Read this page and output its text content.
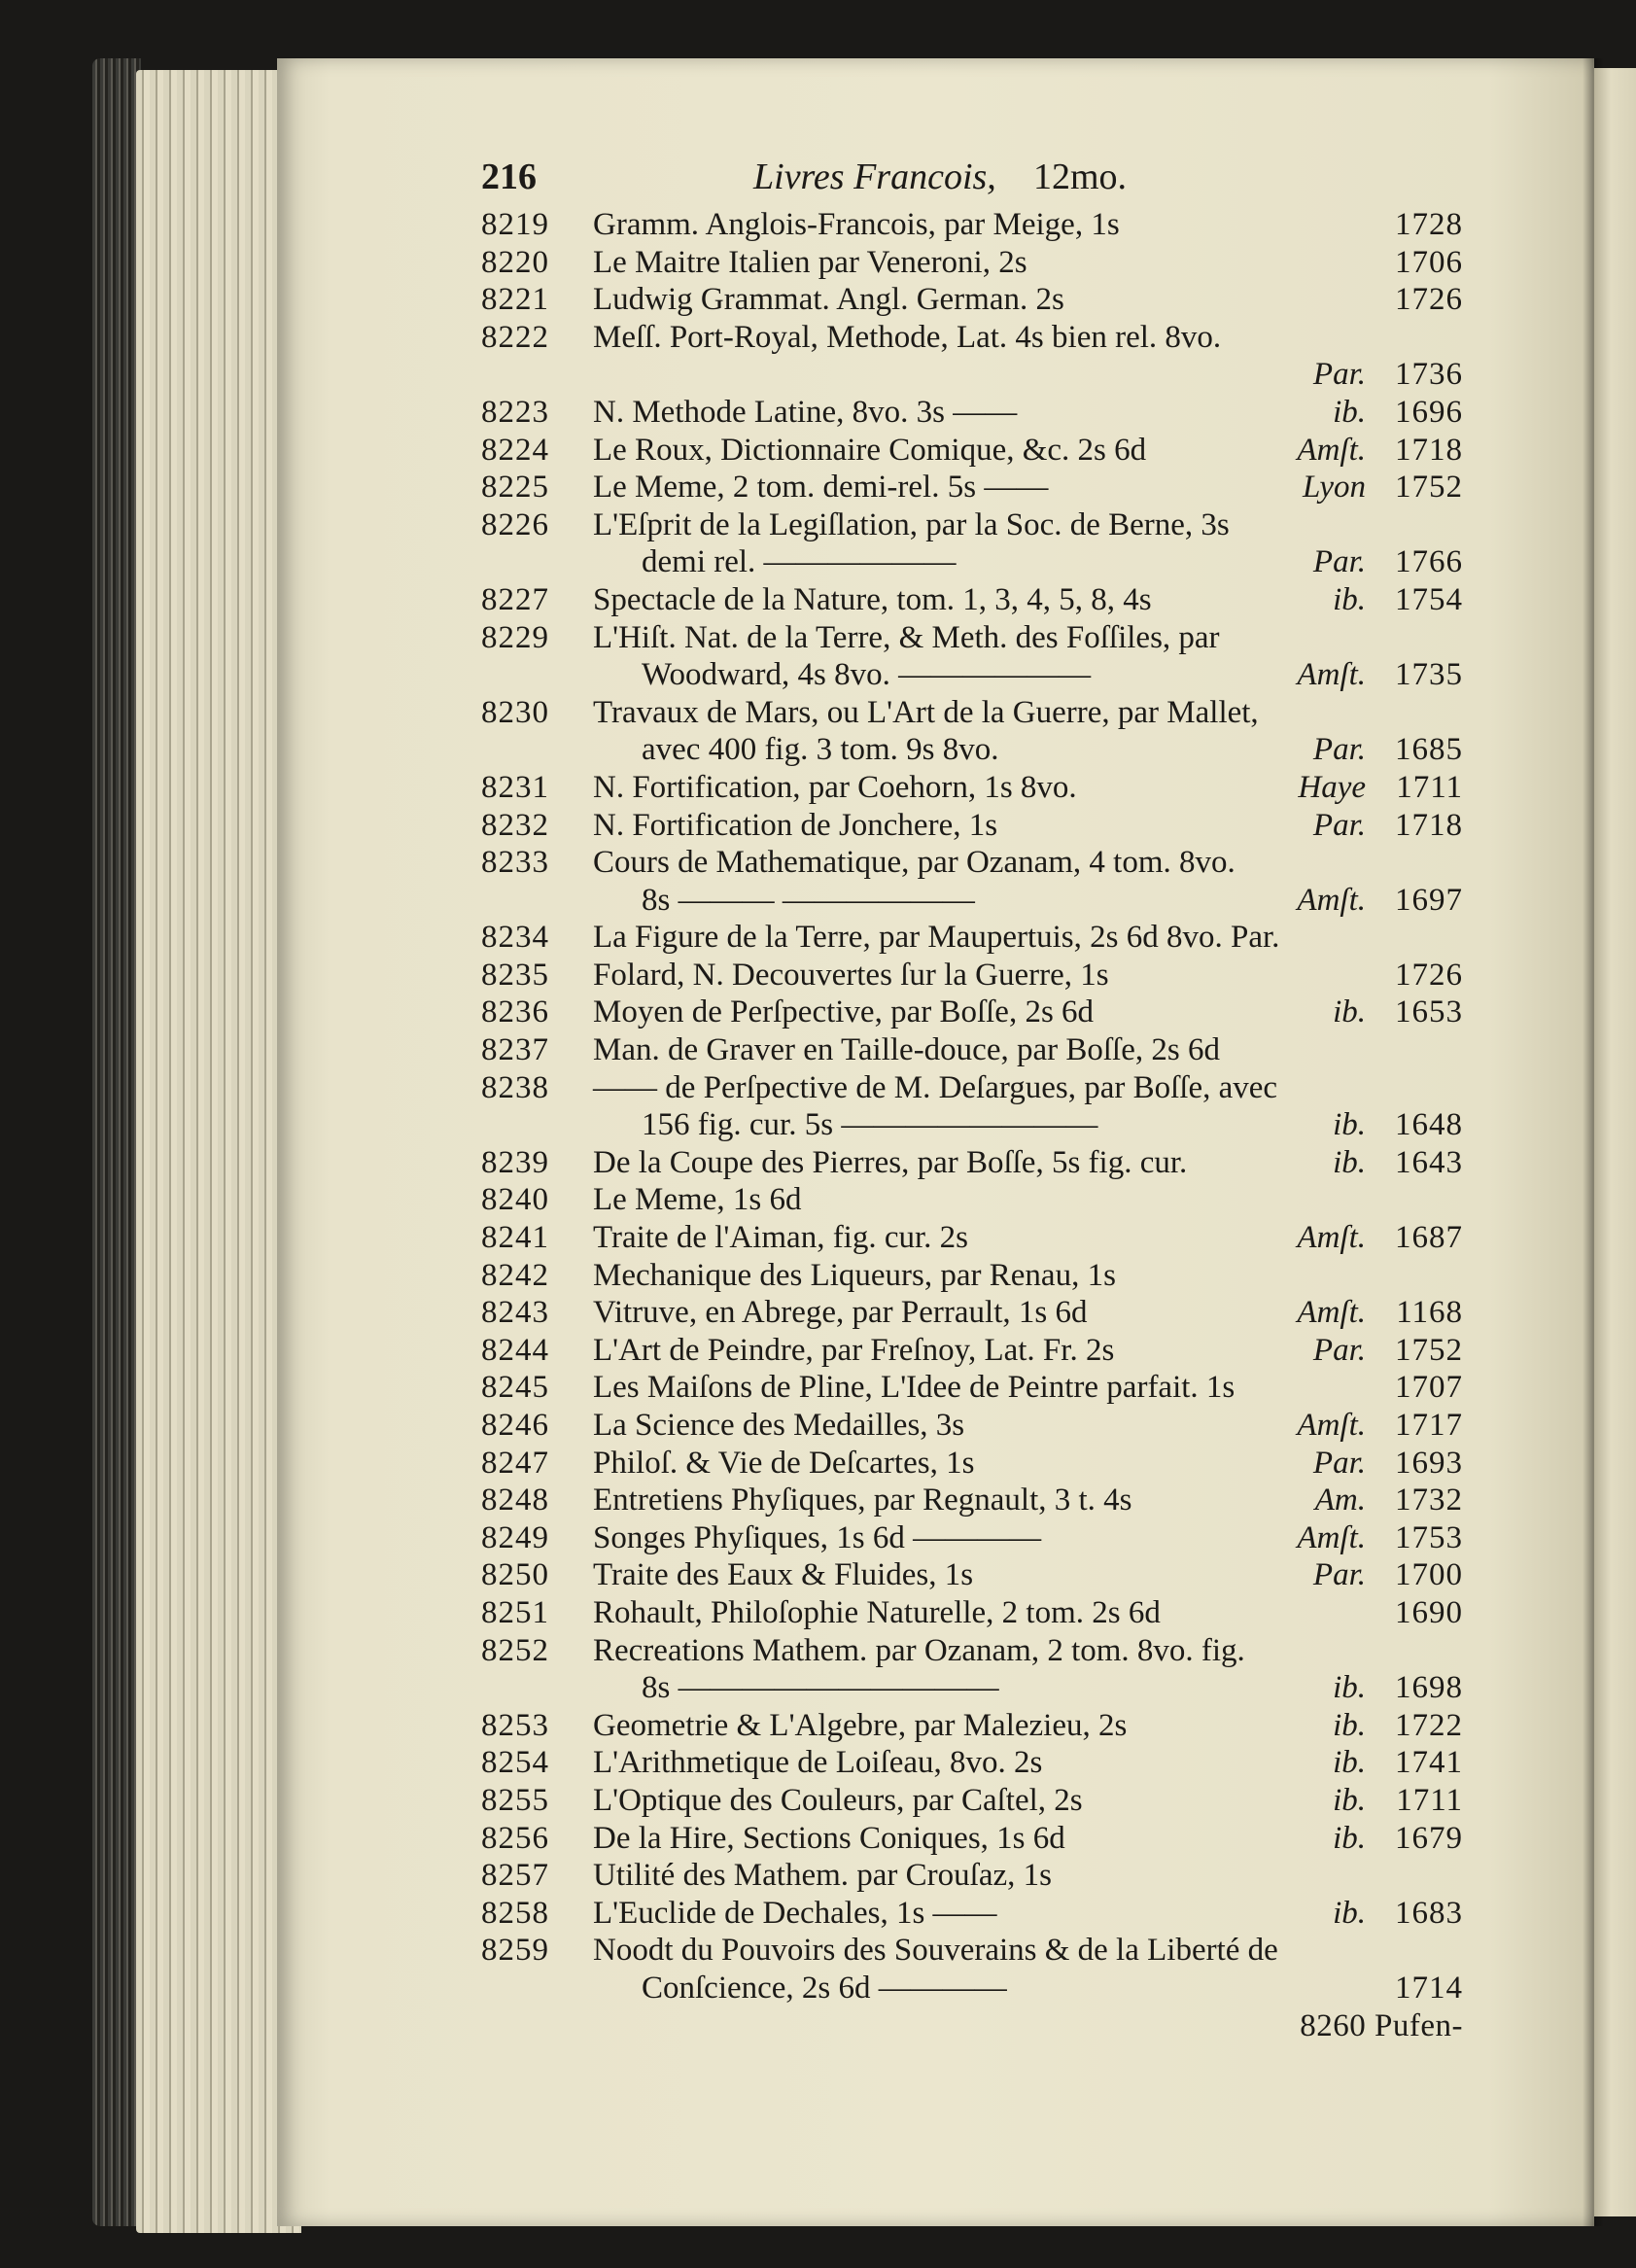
216	Livres Francois, 12mo.
8219 Gramm. Anglois-Francois, par Meige, 1s	1728
8220 Le Maitre Italien par Veneroni, 2s	1706
8221 Ludwig Grammat. Angl. German. 2s	1726
8222 Meſſ. Port-Royal, Methode, Lat. 4s bien rel. 8vo.
Par. 1736
8223 N. Methode Latine, 8vo. 3s ——	ib. 1696
8224 Le Roux, Dictionnaire Comique, &c. 2s 6d	Amſt. 1718
8225 Le Meme, 2 tom. demi-rel. 5s ——	Lyon 1752
8226 L'Eſprit de la Legiſlation, par la Soc. de Berne, 3s
demi rel. ——————	Par. 1766
8227 Spectacle de la Nature, tom. 1, 3, 4, 5, 8, 4s	ib. 1754
8229 L'Hiſt. Nat. de la Terre, & Meth. des Foſſiles, par
Woodward, 4s 8vo. ——————	Amſt. 1735
8230 Travaux de Mars, ou L'Art de la Guerre, par Mallet,
avec 400 fig. 3 tom. 9s 8vo.	Par. 1685
8231 N. Fortification, par Coehorn, 1s 8vo.	Haye 1711
8232 N. Fortification de Jonchere, 1s	Par. 1718
8233 Cours de Mathematique, par Ozanam, 4 tom. 8vo.
8s ——— ——————	Amſt. 1697
8234 La Figure de la Terre, par Maupertuis, 2s 6d 8vo. Par.
8235 Folard, N. Decouvertes ſur la Guerre, 1s	1726
8236 Moyen de Perſpective, par Boſſe, 2s 6d	ib. 1653
8237 Man. de Graver en Taille-douce, par Boſſe, 2s 6d
8238 —— de Perſpective de M. Deſargues, par Boſſe, avec
156 fig. cur. 5s ————————	ib. 1648
8239 De la Coupe des Pierres, par Boſſe, 5s fig. cur.	ib. 1643
8240 Le Meme, 1s 6d
8241 Traite de l'Aiman, fig. cur. 2s	Amſt. 1687
8242 Mechanique des Liqueurs, par Renau, 1s
8243 Vitruve, en Abrege, par Perrault, 1s 6d	Amſt. 1168
8244 L'Art de Peindre, par Freſnoy, Lat. Fr. 2s	Par. 1752
8245 Les Maiſons de Pline, L'Idee de Peintre parfait. 1s	1707
8246 La Science des Medailles, 3s	Amſt. 1717
8247 Philoſ. & Vie de Deſcartes, 1s	Par. 1693
8248 Entretiens Phyſiques, par Regnault, 3 t. 4s	Am. 1732
8249 Songes Phyſiques, 1s 6d ————	Amſt. 1753
8250 Traite des Eaux & Fluides, 1s	Par. 1700
8251 Rohault, Philoſophie Naturelle, 2 tom. 2s 6d	1690
8252 Recreations Mathem. par Ozanam, 2 tom. 8vo. fig.
8s ——————————	ib. 1698
8253 Geometrie & L'Algebre, par Malezieu, 2s	ib. 1722
8254 L'Arithmetique de Loiſeau, 8vo. 2s	ib. 1741
8255 L'Optique des Couleurs, par Caſtel, 2s	ib. 1711
8256 De la Hire, Sections Coniques, 1s 6d	ib. 1679
8257 Utilité des Mathem. par Crouſaz, 1s
8258 L'Euclide de Dechales, 1s ——	ib. 1683
8259 Noodt du Pouvoirs des Souverains & de la Liberté de
Conſcience, 2s 6d ————	1714
8260 Pufen-
